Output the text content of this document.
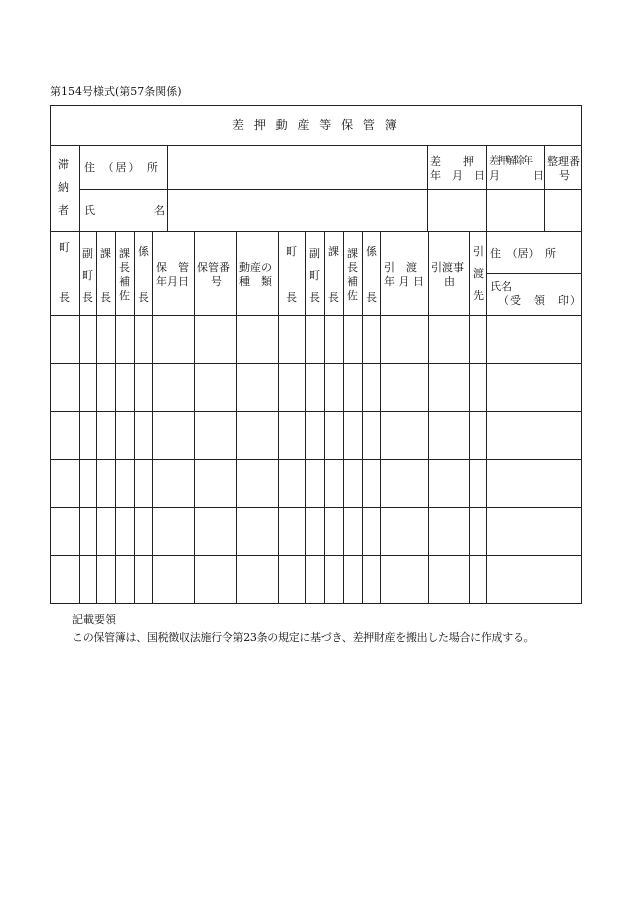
第154号様式(第57条関係)
差 押 動 産 等 保 管 簿
滞
納
者
住 （居） 所
氏	名
差　　押
年　月　日
差押解除年
月　　　日
整理番
号
町
長
副
町
長
課
長
課
長
補
佐
係
長
保　管
年月日
保管番
号
動産の
種　類
町
長
副
町
長
課
長
課
長
補
佐
係
長
引　渡
年 月 日
引渡事
由
引
渡
先
住　（居）　所
氏名
（受　領　印）
記載要領
この保管簿は、国税徴収法施行令第23条の規定に基づき、差押財産を搬出した場合に作成する。
